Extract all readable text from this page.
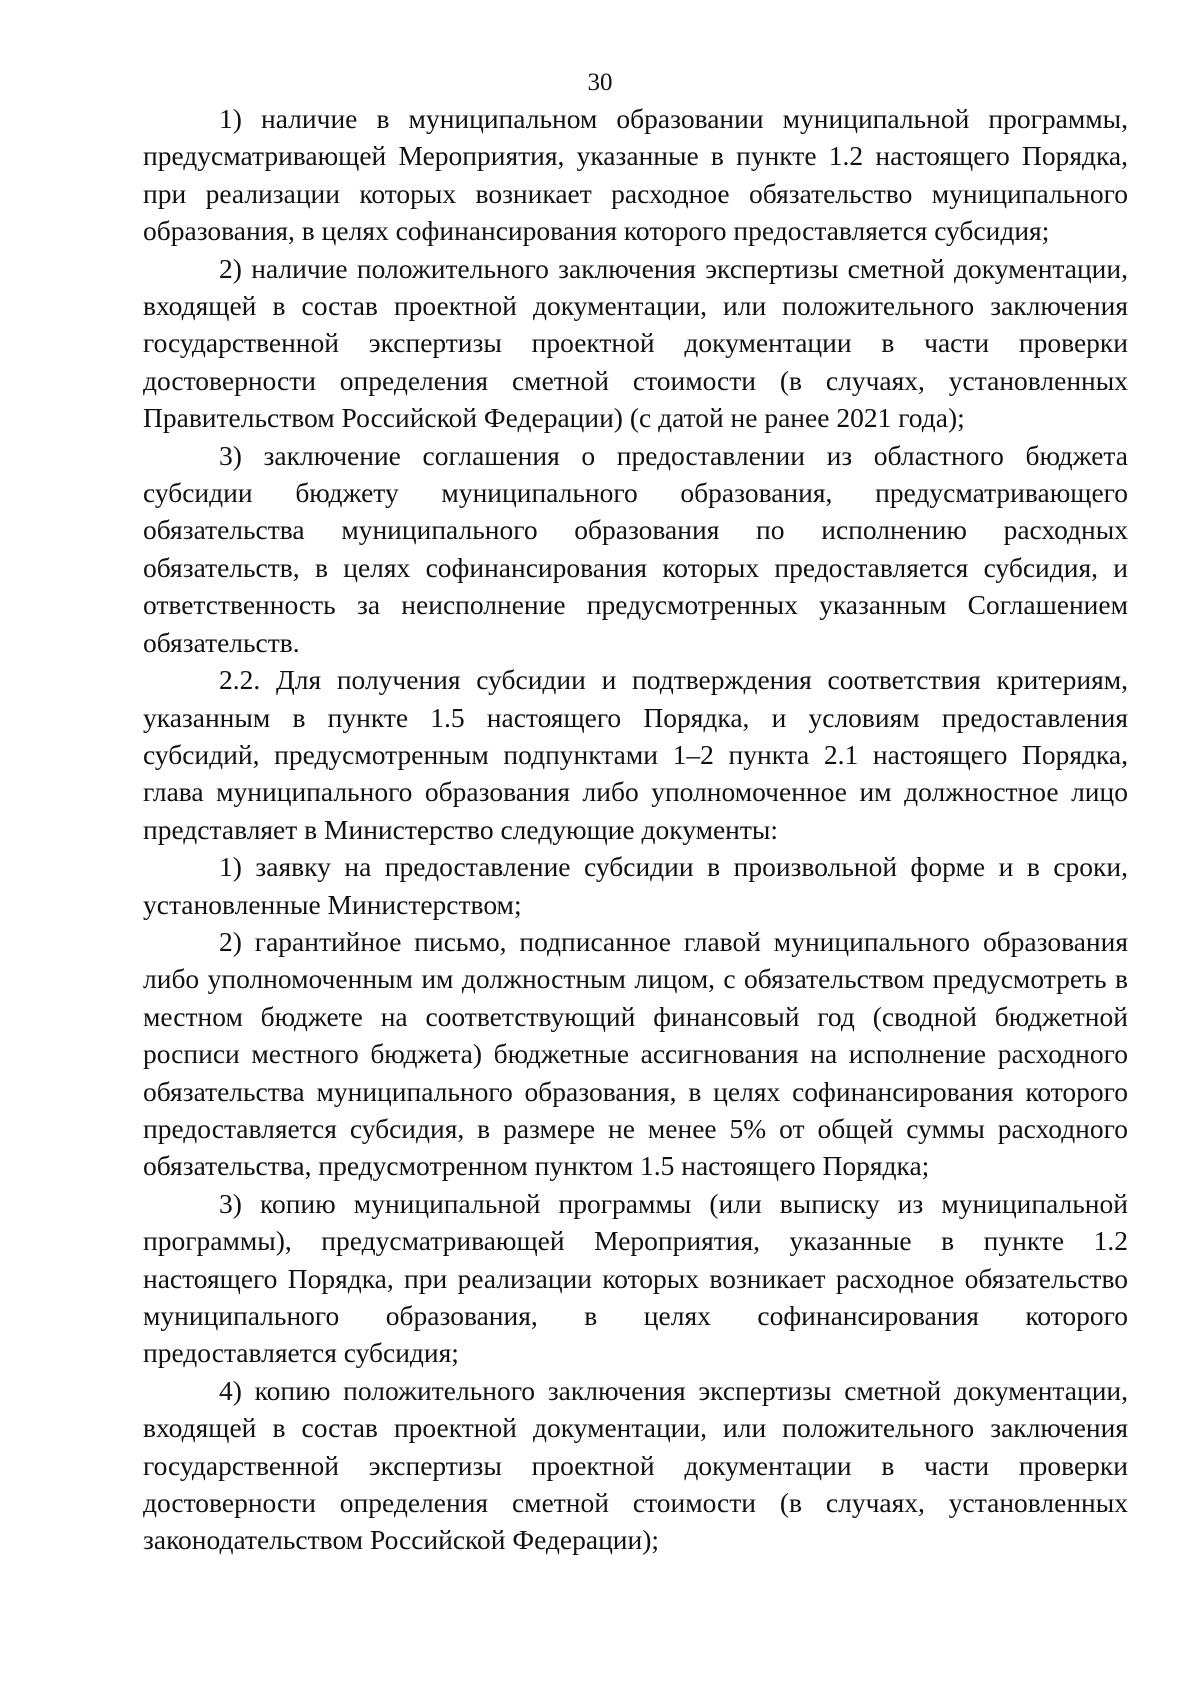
30

1) наличие в муниципальном образовании муниципальной программы, предусматривающей Мероприятия, указанные в пункте 1.2 настоящего Порядка, при реализации которых возникает расходное обязательство муниципального образования, в целях софинансирования которого предоставляется субсидия;

2) наличие положительного заключения экспертизы сметной документации, входящей в состав проектной документации, или положительного заключения государственной экспертизы проектной документации в части проверки достоверности определения сметной стоимости (в случаях, установленных Правительством Российской Федерации) (с датой не ранее 2021 года);

3) заключение соглашения о предоставлении из областного бюджета субсидии бюджету муниципального образования, предусматривающего обязательства муниципального образования по исполнению расходных обязательств, в целях софинансирования которых предоставляется субсидия, и ответственность за неисполнение предусмотренных указанным Соглашением обязательств.

2.2. Для получения субсидии и подтверждения соответствия критериям, указанным в пункте 1.5 настоящего Порядка, и условиям предоставления субсидий, предусмотренным подпунктами 1–2 пункта 2.1 настоящего Порядка, глава муниципального образования либо уполномоченное им должностное лицо представляет в Министерство следующие документы:

1) заявку на предоставление субсидии в произвольной форме и в сроки, установленные Министерством;

2) гарантийное письмо, подписанное главой муниципального образования либо уполномоченным им должностным лицом, с обязательством предусмотреть в местном бюджете на соответствующий финансовый год (сводной бюджетной росписи местного бюджета) бюджетные ассигнования на исполнение расходного обязательства муниципального образования, в целях софинансирования которого предоставляется субсидия, в размере не менее 5% от общей суммы расходного обязательства, предусмотренном пунктом 1.5 настоящего Порядка;

3) копию муниципальной программы (или выписку из муниципальной программы), предусматривающей Мероприятия, указанные в пункте 1.2 настоящего Порядка, при реализации которых возникает расходное обязательство муниципального образования, в целях софинансирования которого предоставляется субсидия;

4) копию положительного заключения экспертизы сметной документации, входящей в состав проектной документации, или положительного заключения государственной экспертизы проектной документации в части проверки достоверности определения сметной стоимости (в случаях, установленных законодательством Российской Федерации);
